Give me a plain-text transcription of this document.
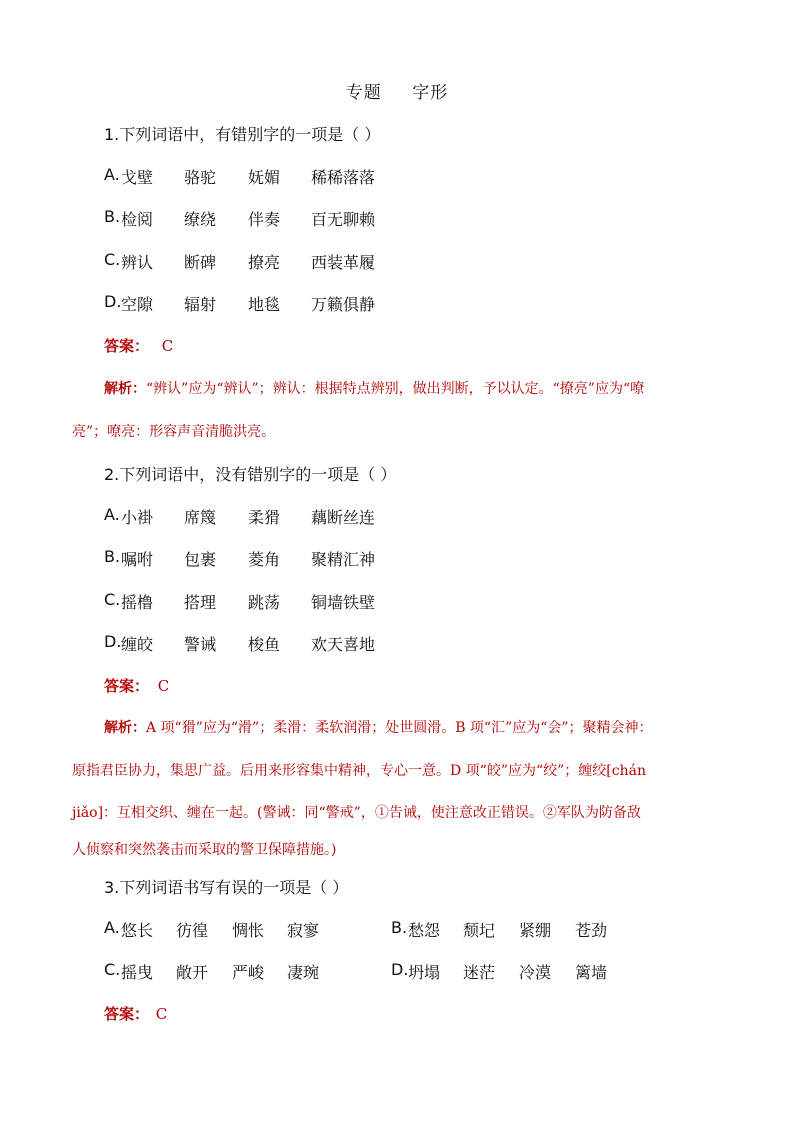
专题 字形
1.下列词语中，有错别字的一项是（ ）
A. 戈壁 骆驼 妩媚 稀稀落落
B. 检阅 缭绕 伴奏 百无聊赖
C. 辨认 断碑 撩亮 西装革履
D. 空隙 辐射 地毯 万籁俱静
答案： C
解析：“辨认”应为“辨认”；辨认：根据特点辨别，做出判断，予以认定。“撩亮”应为“嘹
亮”；嘹亮：形容声音清脆洪亮。
2.下列词语中，没有错别字的一项是（ ）
A. 小褂 席篾 柔猾 藕断丝连
B. 嘱咐 包裹 菱角 聚精汇神
C. 摇橹 搭理 跳荡 铜墙铁壁
D. 缠皎 警诫 梭鱼 欢天喜地
答案： C
解析：A 项“猾”应为“滑”；柔滑：柔软润滑；处世圆滑。B 项“汇”应为“会”；聚精会神：
原指君臣协力，集思广益。后用来形容集中精神，专心一意。D 项“皎”应为“绞”；缠绞[chán
jiǎo]：互相交织、缠在一起。(警诫：同“警戒”，①告诫，使注意改正错误。②军队为防备敌
人侦察和突然袭击而采取的警卫保障措施。)
3.下列词语书写有误的一项是（ ）
A. 悠长 彷徨 惆怅 寂寥	B. 愁怨 颓圮 紧绷 苍劲
C. 摇曳 敞开 严峻 凄琬	D. 坍塌 迷茫 冷漠 篱墙
答案： C
